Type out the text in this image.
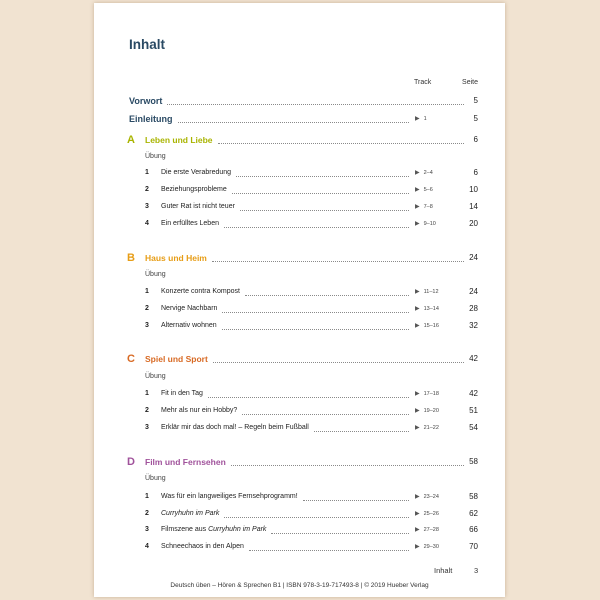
Inhalt
Track	Seite
Vorwort	5
Einleitung	▶ 1	5
A Leben und Liebe	6
Übung
1 Die erste Verabredung	▶ 2–4	6
2 Beziehungsprobleme	▶ 5–6	10
3 Guter Rat ist nicht teuer	▶ 7–8	14
4 Ein erfülltes Leben	▶ 9–10	20
B Haus und Heim	24
Übung
1 Konzerte contra Kompost	▶ 11–12	24
2 Nervige Nachbarn	▶ 13–14	28
3 Alternativ wohnen	▶ 15–16	32
C Spiel und Sport	42
Übung
1 Fit in den Tag	▶ 17–18	42
2 Mehr als nur ein Hobby?	▶ 19–20	51
3 Erklär mir das doch mal! – Regeln beim Fußball	▶ 21–22	54
D Film und Fernsehen	58
Übung
1 Was für ein langweiliges Fernsehprogramm!	▶ 23–24	58
2 Curryhuhn im Park	▶ 25–26	62
3 Filmszene aus Curryhuhn im Park	▶ 27–28	66
4 Schneechaos in den Alpen	▶ 29–30	70
Inhalt	3
Deutsch üben – Hören & Sprechen B1 | ISBN 978-3-19-717493-8 | © 2019 Hueber Verlag
